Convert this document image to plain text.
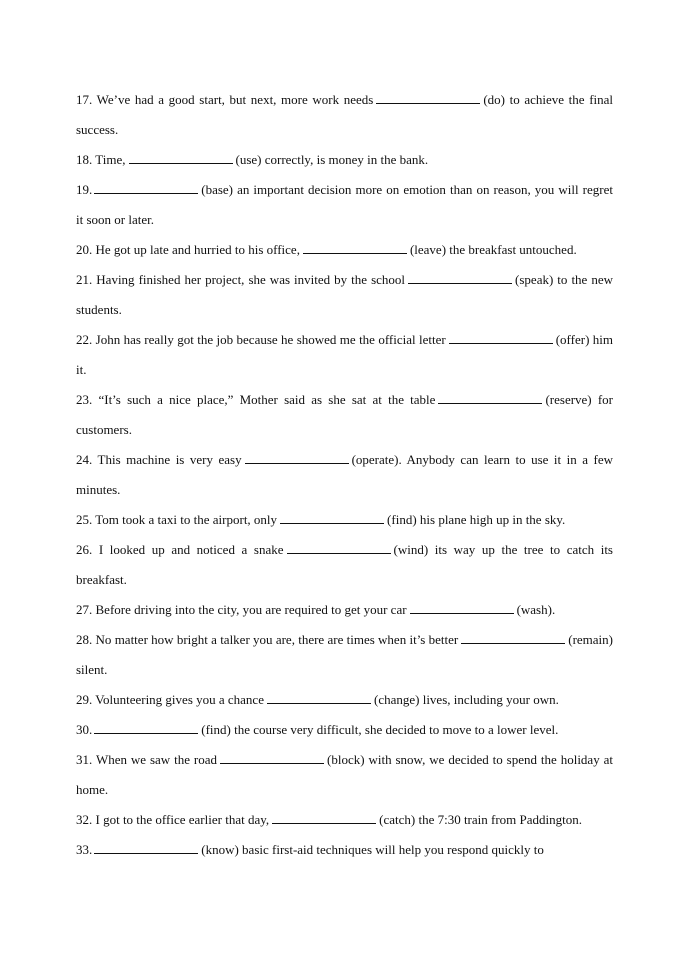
17. We’ve had a good start, but next, more work needs	(do) to achieve the final success.

18. Time,	(use) correctly, is money in the bank.

19.	(base) an important decision more on emotion than on reason, you will regret it soon or later.

20. He got up late and hurried to his office,	(leave) the breakfast untouched.

21. Having finished her project, she was invited by the school	(speak) to the new students.

22. John has really got the job because he showed me the official letter	(offer) him it.

23. “It’s such a nice place,” Mother said as she sat at the table	(reserve) for customers.

24. This machine is very easy	(operate). Anybody can learn to use it in a few minutes.

25. Tom took a taxi to the airport, only	(find) his plane high up in the sky.

26. I looked up and noticed a snake	(wind) its way up the tree to catch its breakfast.

27. Before driving into the city, you are required to get your car	(wash).

28. No matter how bright a talker you are, there are times when it’s better	(remain) silent.

29. Volunteering gives you a chance	(change) lives, including your own.

30.	(find) the course very difficult, she decided to move to a lower level.

31. When we saw the road	(block) with snow, we decided to spend the holiday at home.

32. I got to the office earlier that day,	(catch) the 7:30 train from Paddington.

33.	(know) basic first-aid techniques will help you respond quickly to
